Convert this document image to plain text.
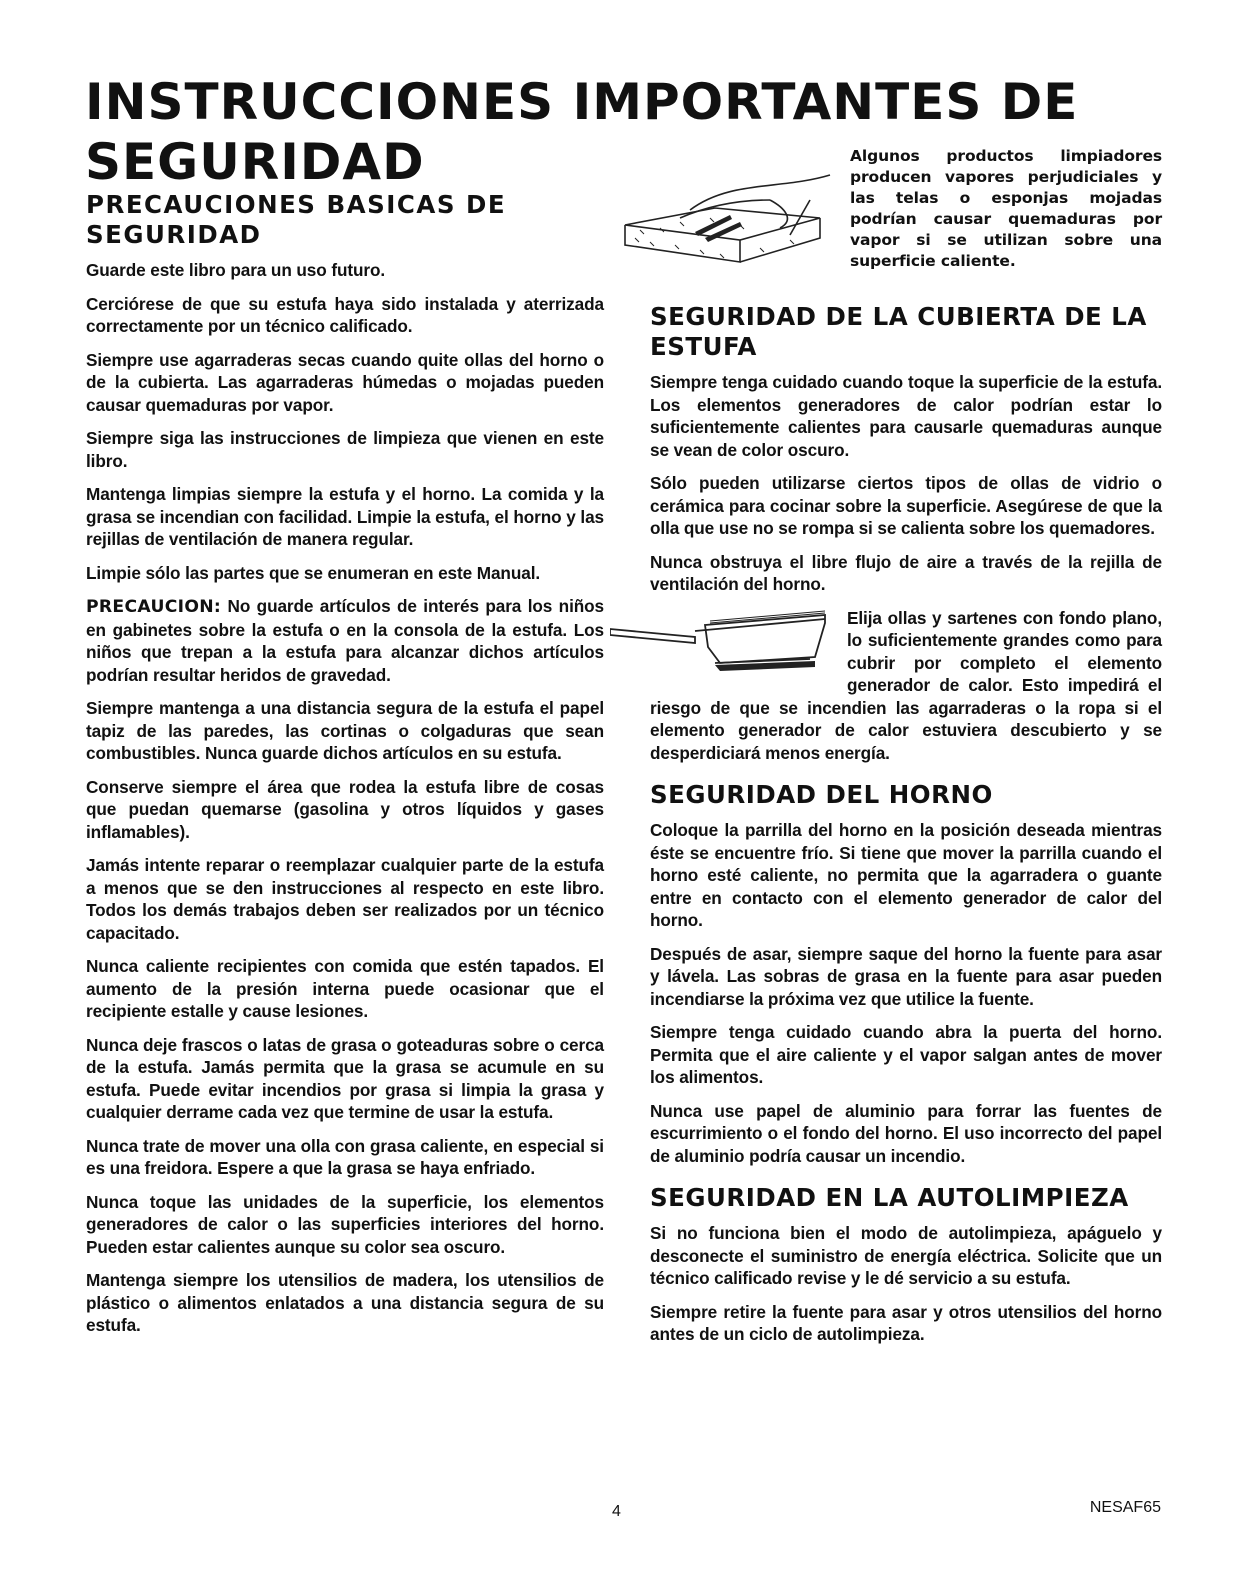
INSTRUCCIONES IMPORTANTES DE SEGURIDAD
PRECAUCIONES BASICAS DE SEGURIDAD

Guarde este libro para un uso futuro.

Cerciórese de que su estufa haya sido instalada y aterrizada correctamente por un técnico calificado.

Siempre use agarraderas secas cuando quite ollas del horno o de la cubierta. Las agarraderas húmedas o mojadas pueden causar quemaduras por vapor.

Siempre siga las instrucciones de limpieza que vienen en este libro.

Mantenga limpias siempre la estufa y el horno. La comida y la grasa se incendian con facilidad. Limpie la estufa, el horno y las rejillas de ventilación de manera regular.

Limpie sólo las partes que se enumeran en este Manual.

PRECAUCION: No guarde artículos de interés para los niños en gabinetes sobre la estufa o en la consola de la estufa. Los niños que trepan a la estufa para alcanzar dichos artículos podrían resultar heridos de gravedad.

Siempre mantenga a una distancia segura de la estufa el papel tapiz de las paredes, las cortinas o colgaduras que sean combustibles. Nunca guarde dichos artículos en su estufa.

Conserve siempre el área que rodea la estufa libre de cosas que puedan quemarse (gasolina y otros líquidos y gases inflamables).

Jamás intente reparar o reemplazar cualquier parte de la estufa a menos que se den instrucciones al respecto en este libro. Todos los demás trabajos deben ser realizados por un técnico capacitado.

Nunca caliente recipientes con comida que estén tapados. El aumento de la presión interna puede ocasionar que el recipiente estalle y cause lesiones.

Nunca deje frascos o latas de grasa o goteaduras sobre o cerca de la estufa. Jamás permita que la grasa se acumule en su estufa. Puede evitar incendios por grasa si limpia la grasa y cualquier derrame cada vez que termine de usar la estufa.

Nunca trate de mover una olla con grasa caliente, en especial si es una freidora. Espere a que la grasa se haya enfriado.

Nunca toque las unidades de la superficie, los elementos generadores de calor o las superficies interiores del horno. Pueden estar calientes aunque su color sea oscuro.

Mantenga siempre los utensilios de madera, los utensilios de plástico o alimentos enlatados a una distancia segura de su estufa.

Algunos productos limpiadores producen vapores perjudiciales y las telas o esponjas mojadas podrían causar quemaduras por vapor si se utilizan sobre una superficie caliente.

SEGURIDAD DE LA CUBIERTA DE LA ESTUFA

Siempre tenga cuidado cuando toque la superficie de la estufa. Los elementos generadores de calor podrían estar lo suficientemente calientes para causarle quemaduras aunque se vean de color oscuro.

Sólo pueden utilizarse ciertos tipos de ollas de vidrio o cerámica para cocinar sobre la superficie. Asegúrese de que la olla que use no se rompa si se calienta sobre los quemadores.

Nunca obstruya el libre flujo de aire a través de la rejilla de ventilación del horno.

Elija ollas y sartenes con fondo plano, lo suficientemente grandes como para cubrir por completo el elemento generador de calor. Esto impedirá el riesgo de que se incendien las agarraderas o la ropa si el elemento generador de calor estuviera descubierto y se desperdiciará menos energía.

SEGURIDAD DEL HORNO

Coloque la parrilla del horno en la posición deseada mientras éste se encuentre frío. Si tiene que mover la parrilla cuando el horno esté caliente, no permita que la agarradera o guante entre en contacto con el elemento generador de calor del horno.

Después de asar, siempre saque del horno la fuente para asar y lávela. Las sobras de grasa en la fuente para asar pueden incendiarse la próxima vez que utilice la fuente.

Siempre tenga cuidado cuando abra la puerta del horno. Permita que el aire caliente y el vapor salgan antes de mover los alimentos.

Nunca use papel de aluminio para forrar las fuentes de escurrimiento o el fondo del horno. El uso incorrecto del papel de aluminio podría causar un incendio.

SEGURIDAD EN LA AUTOLIMPIEZA

Si no funciona bien el modo de autolimpieza, apáguelo y desconecte el suministro de energía eléctrica. Solicite que un técnico calificado revise y le dé servicio a su estufa.

Siempre retire la fuente para asar y otros utensilios del horno antes de un ciclo de autolimpieza.

4	NESAF65
